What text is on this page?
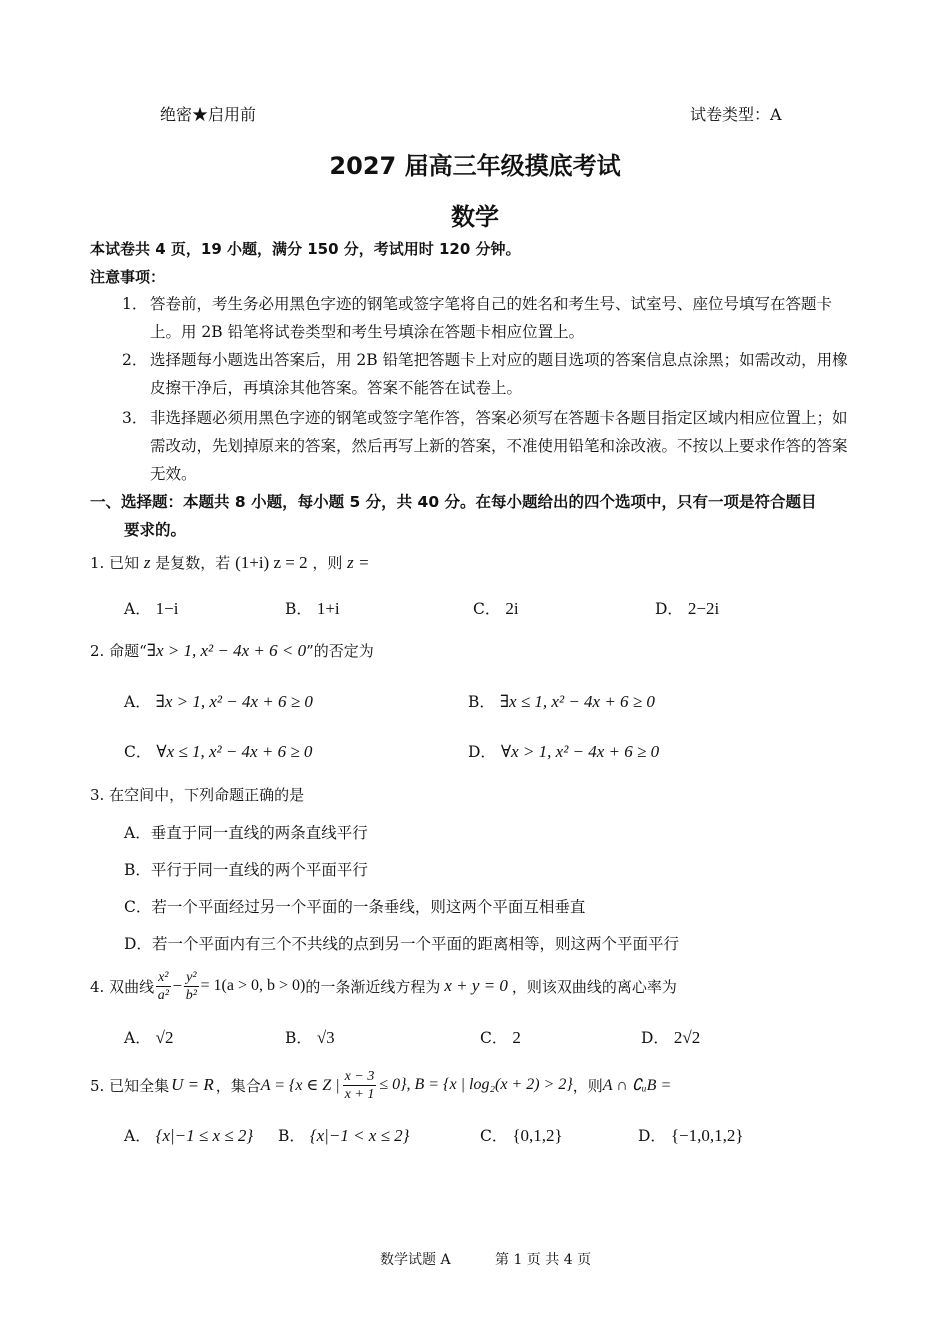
绝密★启用前	试卷类型：A
2027 届高三年级摸底考试
数学
本试卷共 4 页，19 小题，满分 150 分，考试用时 120 分钟。
注意事项：
1． 答卷前，考生务必用黑色字迹的钢笔或签字笔将自己的姓名和考生号、试室号、座位号填写在答题卡上。用 2B 铅笔将试卷类型和考生号填涂在答题卡相应位置上。
2． 选择题每小题选出答案后，用 2B 铅笔把答题卡上对应的题目选项的答案信息点涂黑；如需改动，用橡皮擦干净后，再填涂其他答案。答案不能答在试卷上。
3． 非选择题必须用黑色字迹的钢笔或签字笔作答，答案必须写在答题卡各题目指定区域内相应位置上；如需改动，先划掉原来的答案，然后再写上新的答案，不准使用铅笔和涂改液。不按以上要求作答的答案无效。
一、选择题：本题共 8 小题，每小题 5 分，共 40 分。在每小题给出的四个选项中，只有一项是符合题目
要求的。
1. 已知 z 是复数，若 (1+i) z = 2 ，则 z =
A． 1−i	B． 1+i	C． 2i	D． 2−2i
2. 命题“∃x > 1, x² − 4x + 6 < 0”的否定为
A． ∃x > 1, x² − 4x + 6 ≥ 0	B． ∃x ≤ 1, x² − 4x + 6 ≥ 0
C． ∀x ≤ 1, x² − 4x + 6 ≥ 0	D． ∀x > 1, x² − 4x + 6 ≥ 0
3. 在空间中，下列命题正确的是
A．垂直于同一直线的两条直线平行
B．平行于同一直线的两个平面平行
C．若一个平面经过另一个平面的一条垂线，则这两个平面互相垂直
D．若一个平面内有三个不共线的点到另一个平面的距离相等，则这两个平面平行
4. 双曲线
x²
$a^2 - \frac{\text{y²}}{\text{b²}} = 1(a > 0$, b > 0) 的一条渐近线方程为 x + y = 0 ，则该双曲线的离心率为
A． √2	B． √3	C． 2	D． 2√2
5. 已知全集 U = R ，集合 A = {x ∈ Z | $\frac{x - 3}{x + 1} \le 0$}, B = {x | log₂(x + 2) > 2} ，则 A ∩ ∁ᵤB =
A． {x|−1 ≤ x ≤ 2} B． {x|−1 < x ≤ 2}	C． {0,1,2}	D． {−1,0,1,2}
数学试题 A	第 1 页 共 4 页
